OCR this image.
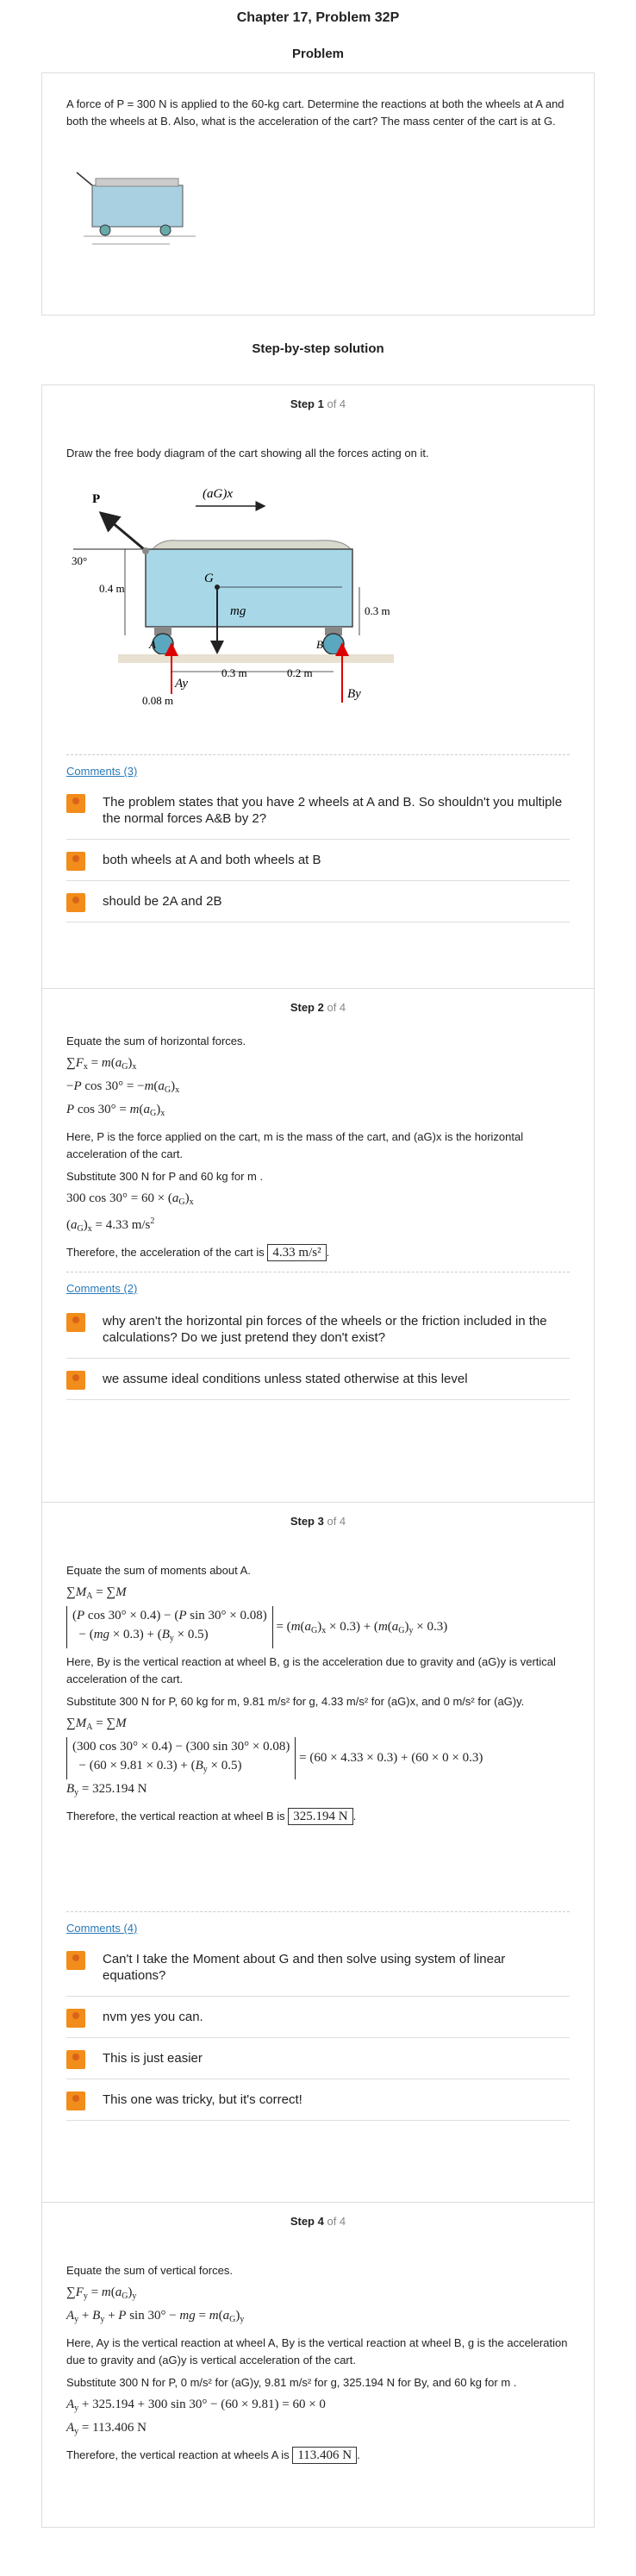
Chapter 17, Problem 32P
Problem

A force of P = 300 N is applied to the 60-kg cart. Determine the reactions at both the wheels at A and both the wheels at B. Also, what is the acceleration of the cart? The mass center of the cart is at G.

Step-by-step solution
Step 1 of 4

Draw the free body diagram of the cart showing all the forces acting on it.

P
30°
(aG)x
G
mg
0.4 m
0.3 m
A	B
Ay
By
0.3 m	0.2 m
0.08 m
Comments (3)
The problem states that you have 2 wheels at A and B. So shouldn't you multiple the normal forces A&B by 2?
both wheels at A and both wheels at B
should be 2A and 2B
Step 2 of 4

Equate the sum of horizontal forces.

$\sum F_x = m(a_G)_x$
−P $\cos 30^\circ = -m(a_G)_x$
P $\cos 30^\circ = m(a_G)_x$

Here, P is the force applied on the cart, m is the mass of the cart, and (aG)x is the horizontal acceleration of the cart.

Substitute 300 N for P and 60 kg for m .

300 $\cos 30^\circ = 60 \times (a_G)_x$
$(a_G)_x = 4.33$ $m/s^2$

Therefore, the acceleration of the cart is 4.33 m/s² .

Comments (2)
why aren't the horizontal pin forces of the wheels or the friction included in the calculations? Do we just pretend they don't exist?
we assume ideal conditions unless stated otherwise at this level
Step 3 of 4

Equate the sum of moments about A.

$\sum M_A = \sum M$
(P cos 30° × 0.4) − (P sin 30° × 0.08)
− $(mg \times 0.3) + (B_y \times 0.5)$
= $(m(a_G)_x \times 0.3) + (m(a_G)_y \times 0.3)$

Here, By is the vertical reaction at wheel B, g is the acceleration due to gravity and (aG)y is vertical acceleration of the cart.

Substitute 300 N for P, 60 kg for m, 9.81 m/s² for g, 4.33 m/s² for (aG)x, and 0 m/s² for (aG)y.

$\sum M_A = \sum M$
(300 cos 30° × 0.4) − (300 sin 30° × 0.08)
− $(60 \times 9.81 \times 0.3) + (B_y \times 0.5)$
= (60 × 4.33 × 0.3) + (60 × 0 × 0.3)
$B_y = 325.194$ N

Therefore, the vertical reaction at wheel B is 325.194 N .

Comments (4)
Can't I take the Moment about G and then solve using system of linear equations?
nvm yes you can.
This is just easier
This one was tricky, but it's correct!
Step 4 of 4

Equate the sum of vertical forces.

$\sum F_y = m(a_G)_y$
$A_y + B_y + P$ sin 30° − mg = $m(a_G)_y$

Here, Ay is the vertical reaction at wheel A, By is the vertical reaction at wheel B, g is the acceleration due to gravity and (aG)y is vertical acceleration of the cart.

Substitute 300 N for P, 0 m/s² for (aG)y, 9.81 m/s² for g, 325.194 N for By, and 60 kg for m .

$A_y + 325.194 + 300$ sin 30° − (60 × 9.81) = 60 × 0
$A_y = 113.406$ N

Therefore, the vertical reaction at wheels A is 113.406 N .
